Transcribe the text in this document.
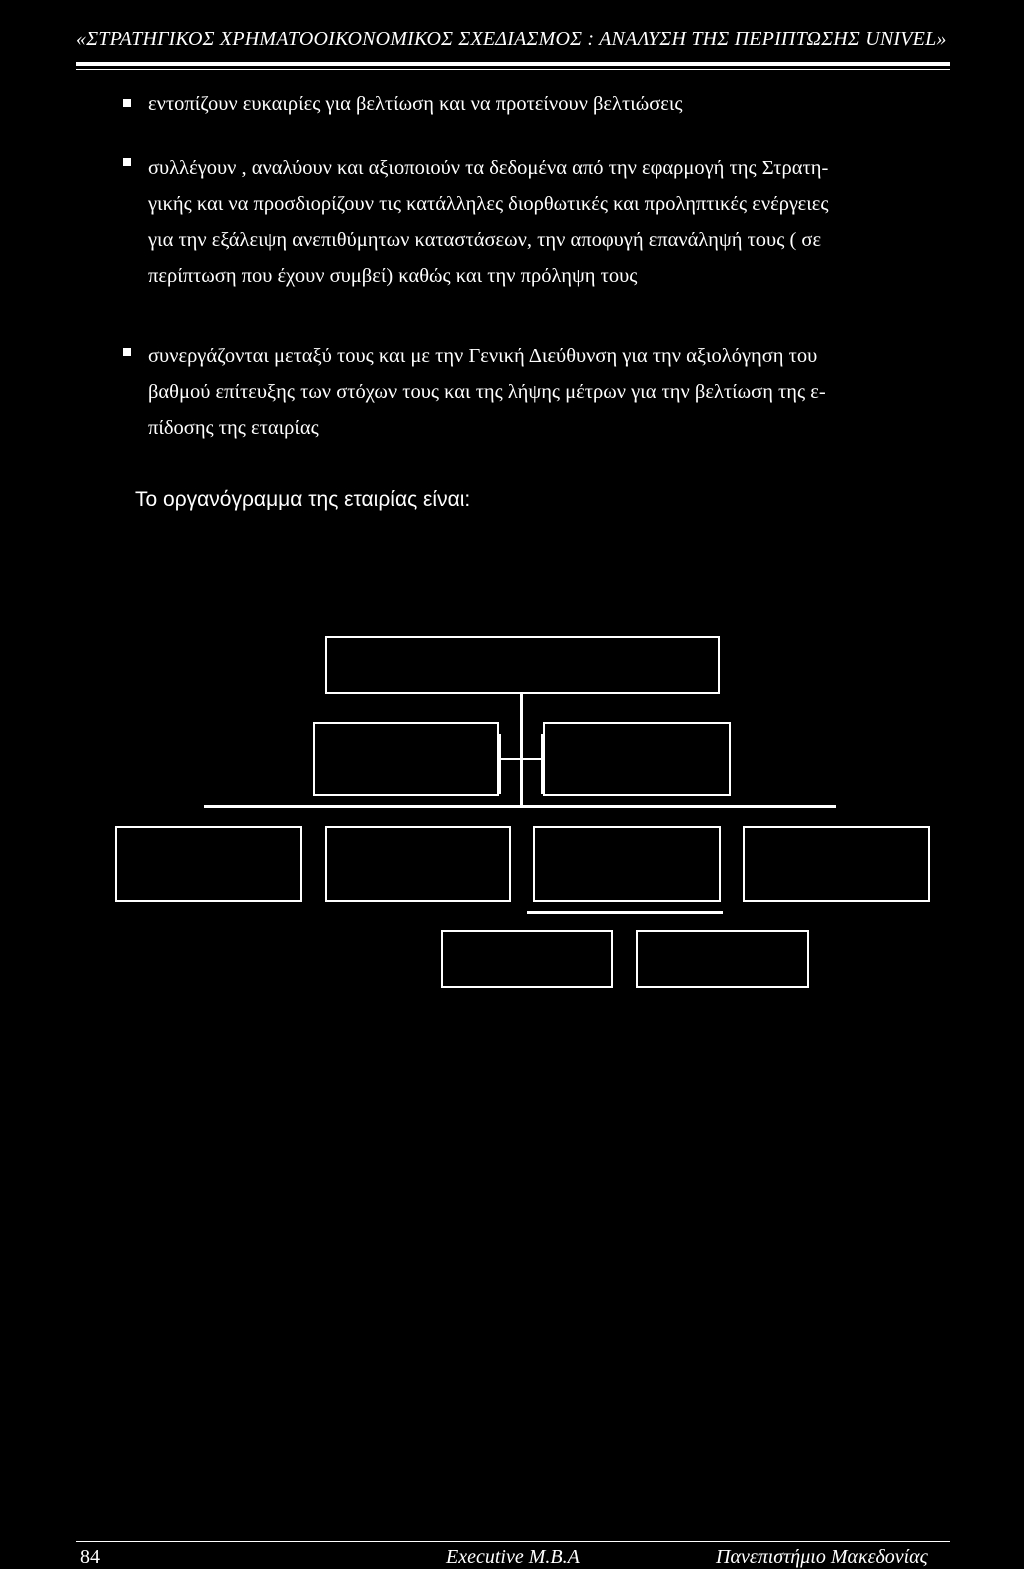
«ΣΤΡΑΤΗΓΙΚΟΣ ΧΡΗΜΑΤΟΟΙΚΟΝΟΜΙΚΟΣ ΣΧΕΔΙΑΣΜΟΣ : ΑΝΑΛΥΣΗ ΤΗΣ ΠΕΡΙΠΤΩΣΗΣ UNIVEL»
εντοπίζουν ευκαιρίες για βελτίωση και να προτείνουν βελτιώσεις
συλλέγουν , αναλύουν και αξιοποιούν τα δεδομένα από την εφαρμογή της Στρατη-
γικής και να προσδιορίζουν τις κατάλληλες διορθωτικές και προληπτικές ενέργειες
για την εξάλειψη ανεπιθύμητων καταστάσεων, την αποφυγή επανάληψή τους ( σε
περίπτωση που έχουν συμβεί) καθώς και την πρόληψη τους
συνεργάζονται μεταξύ τους και με την Γενική Διεύθυνση για την αξιολόγηση του
βαθμού επίτευξης των στόχων τους και της λήψης μέτρων για την βελτίωση της ε-
πίδοσης της εταιρίας
Το οργανόγραμμα της εταιρίας είναι:
84	Executive M.B.A	Πανεπιστήμιο Μακεδονίας
